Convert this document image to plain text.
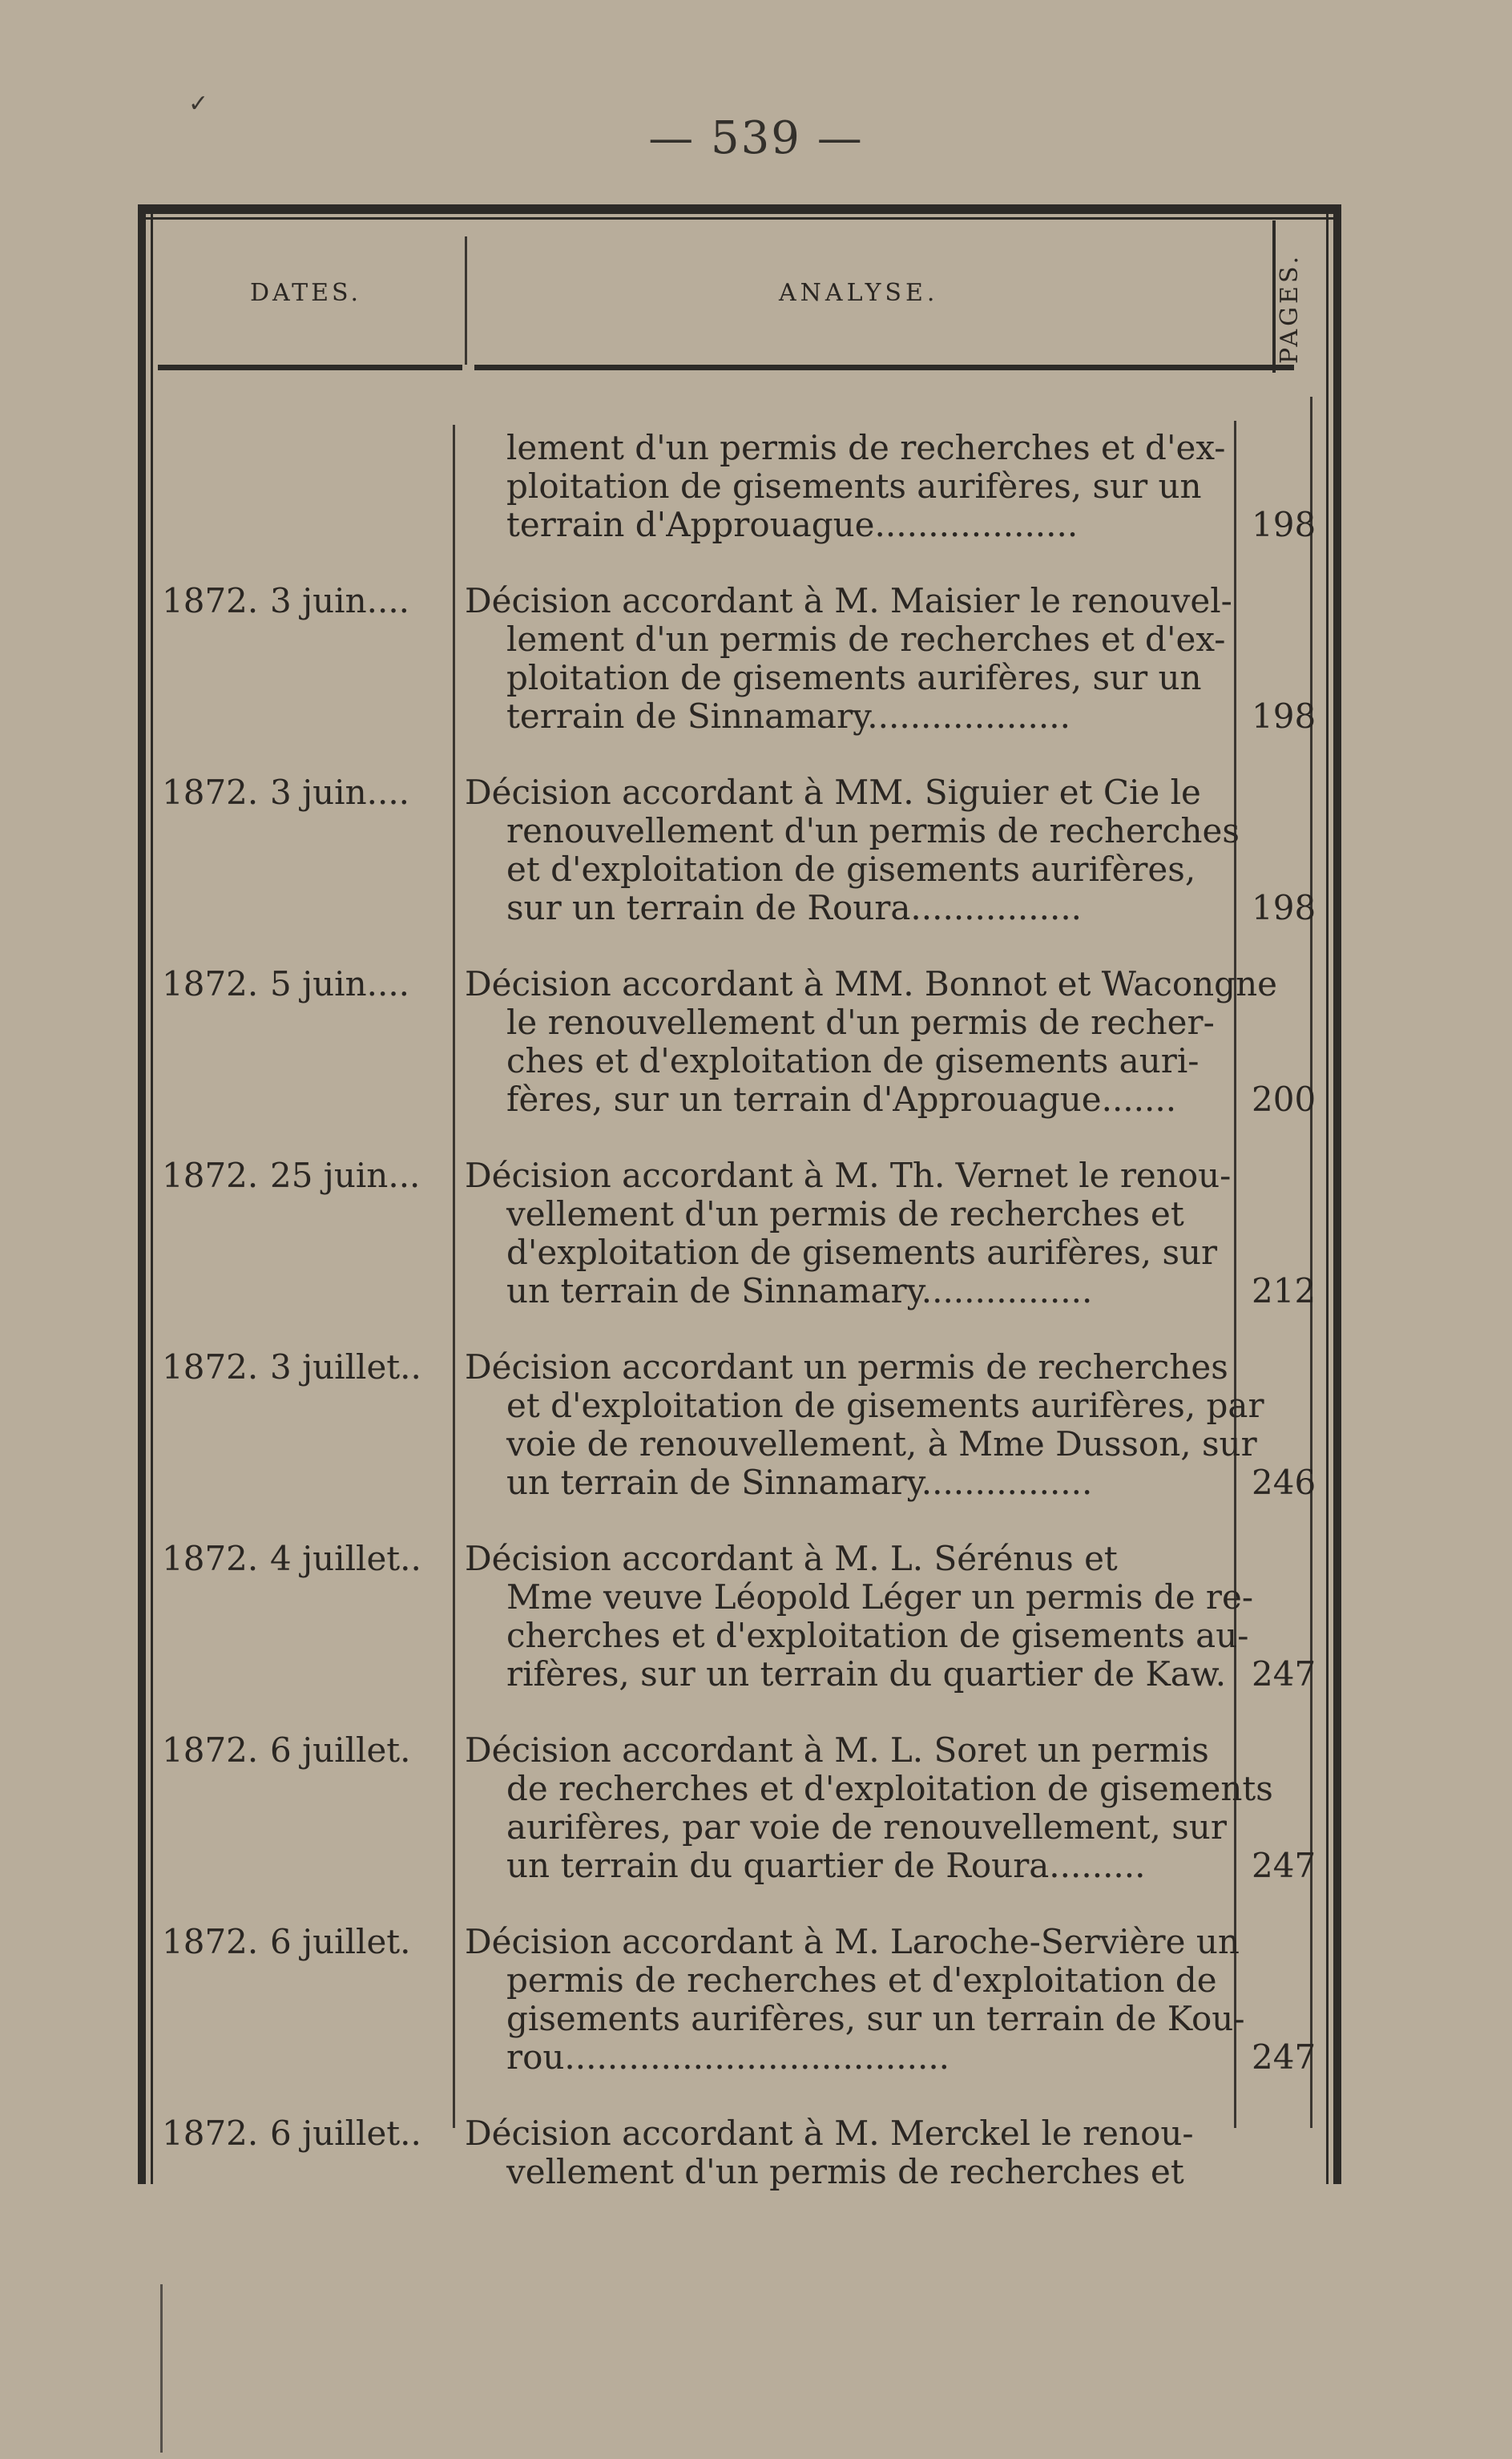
— 539 —
✓
DATES.	ANALYSE.	PAGES.
lement d'un permis de recherches et d'ex-
ploitation de gisements aurifères, sur un
terrain d'Approuague...................	198
1872. 3 juin.... Décision accordant à M. Maisier le renouvel-
lement d'un permis de recherches et d'ex-
ploitation de gisements aurifères, sur un
terrain de Sinnamary...................	198
1872. 3 juin.... Décision accordant à MM. Siguier et Cie le
renouvellement d'un permis de recherches
et d'exploitation de gisements aurifères,
sur un terrain de Roura................	198
1872. 5 juin.... Décision accordant à MM. Bonnot et Wacongne
le renouvellement d'un permis de recher-
ches et d'exploitation de gisements auri-
fères, sur un terrain d'Approuague....... 200
1872. 25 juin... Décision accordant à M. Th. Vernet le renou-
vellement d'un permis de recherches et
d'exploitation de gisements aurifères, sur
un terrain de Sinnamary................	212
1872. 3 juillet.. Décision accordant un permis de recherches
et d'exploitation de gisements aurifères, par
voie de renouvellement, à Mme Dusson, sur
un terrain de Sinnamary................	246
1872. 4 juillet.. Décision accordant à M. L. Sérénus et
Mme veuve Léopold Léger un permis de re-
cherches et d'exploitation de gisements au-
rifères, sur un terrain du quartier de Kaw. 247
1872. 6 juillet. Décision accordant à M. L. Soret un permis
de recherches et d'exploitation de gisements
aurifères, par voie de renouvellement, sur
un terrain du quartier de Roura.........	247
1872. 6 juillet. Décision accordant à M. Laroche-Servière un
permis de recherches et d'exploitation de
gisements aurifères, sur un terrain de Kou-
rou....................................	247
1872. 6 juillet.. Décision accordant à M. Merckel le renou-
vellement d'un permis de recherches et
